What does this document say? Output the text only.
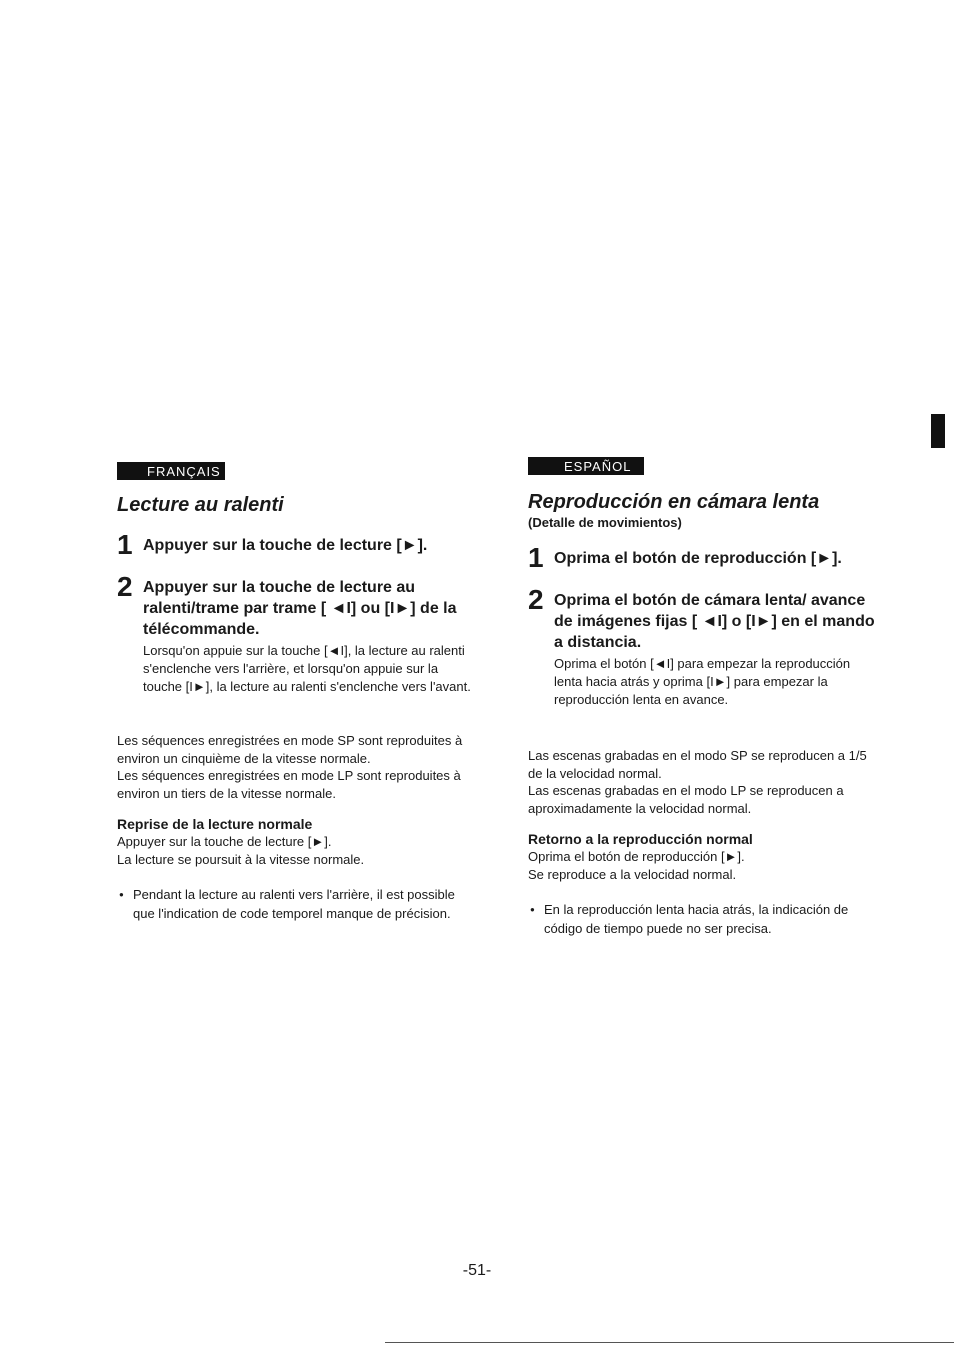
FRANÇAIS
Lecture au ralenti
1 Appuyer sur la touche de lecture [►].

2 Appuyer sur la touche de lecture au ralenti/trame par trame [ ◄I] ou [I►] de la télécommande.

Lorsqu'on appuie sur la touche [◄I], la lecture au ralenti s'enclenche vers l'arrière, et lorsqu'on appuie sur la touche [I►], la lecture au ralenti s'enclenche vers l'avant.

Les séquences enregistrées en mode SP sont reproduites à environ un cinquième de la vitesse normale.

Les séquences enregistrées en mode LP sont reproduites à environ un tiers de la vitesse normale.

Reprise de la lecture normale

Appuyer sur la touche de lecture [►].

La lecture se poursuit à la vitesse normale.

● Pendant la lecture au ralenti vers l'arrière, il est possible que l'indication de code temporel manque de précision.

ESPAÑOL
Reproducción en cámara lenta

(Detalle de movimientos)

1 Oprima el botón de reproducción [►].

2 Oprima el botón de cámara lenta/ avance de imágenes fijas [ ◄I] o [I►] en el mando a distancia.

Oprima el botón [◄I] para empezar la reproducción lenta hacia atrás y oprima [I►] para empezar la reproducción lenta en avance.

Las escenas grabadas en el modo SP se reproducen a 1/5 de la velocidad normal.

Las escenas grabadas en el modo LP se reproducen a aproximadamente la velocidad normal.

Retorno a la reproducción normal

Oprima el botón de reproducción [►].

Se reproduce a la velocidad normal.

● En la reproducción lenta hacia atrás, la indicación de código de tiempo puede no ser precisa.

-51-
